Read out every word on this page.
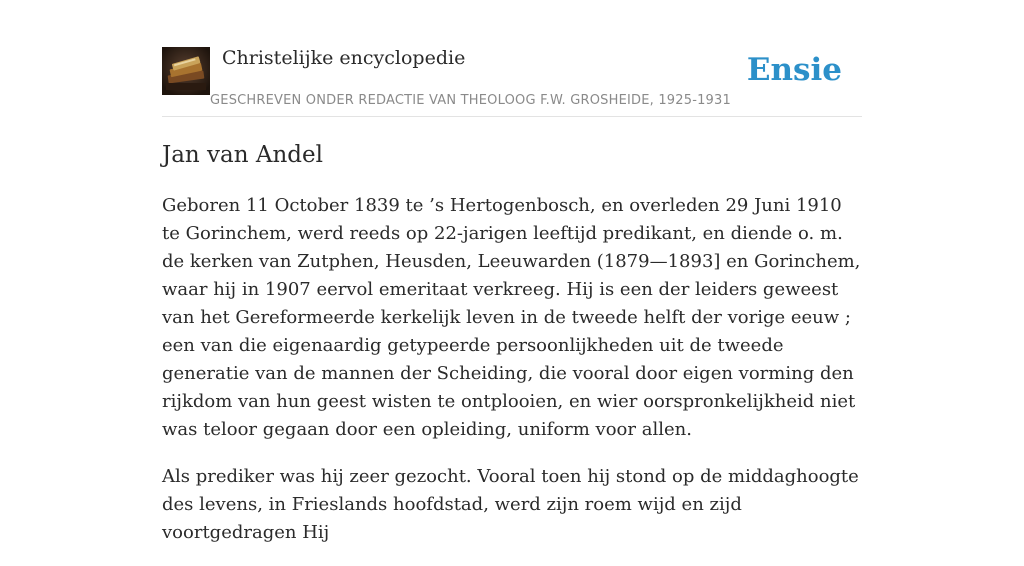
Christelijke encyclopedie
GESCHREVEN ONDER REDACTIE VAN THEOLOOG F.W. GROSHEIDE, 1925-1931
Ensie
Jan van Andel

Geboren 11 October 1839 te ’s Hertogenbosch, en overleden 29 Juni 1910 te Gorinchem, werd reeds op 22-jarigen leeftijd predikant, en diende o. m. de kerken van Zutphen, Heusden, Leeuwarden (1879—1893] en Gorinchem, waar hij in 1907 eervol emeritaat verkreeg. Hij is een der leiders geweest van het Gereformeerde kerkelijk leven in de tweede helft der vorige eeuw ; een van die eigenaardig getypeerde persoonlijkheden uit de tweede generatie van de mannen der Scheiding, die vooral door eigen vorming den rijkdom van hun geest wisten te ontplooien, en wier oorspronkelijkheid niet was teloor gegaan door een opleiding, uniform voor allen.

Als prediker was hij zeer gezocht. Vooral toen hij stond op de middaghoogte des levens, in Frieslands hoofdstad, werd zijn roem wijd en zijd voortgedragen Hij
